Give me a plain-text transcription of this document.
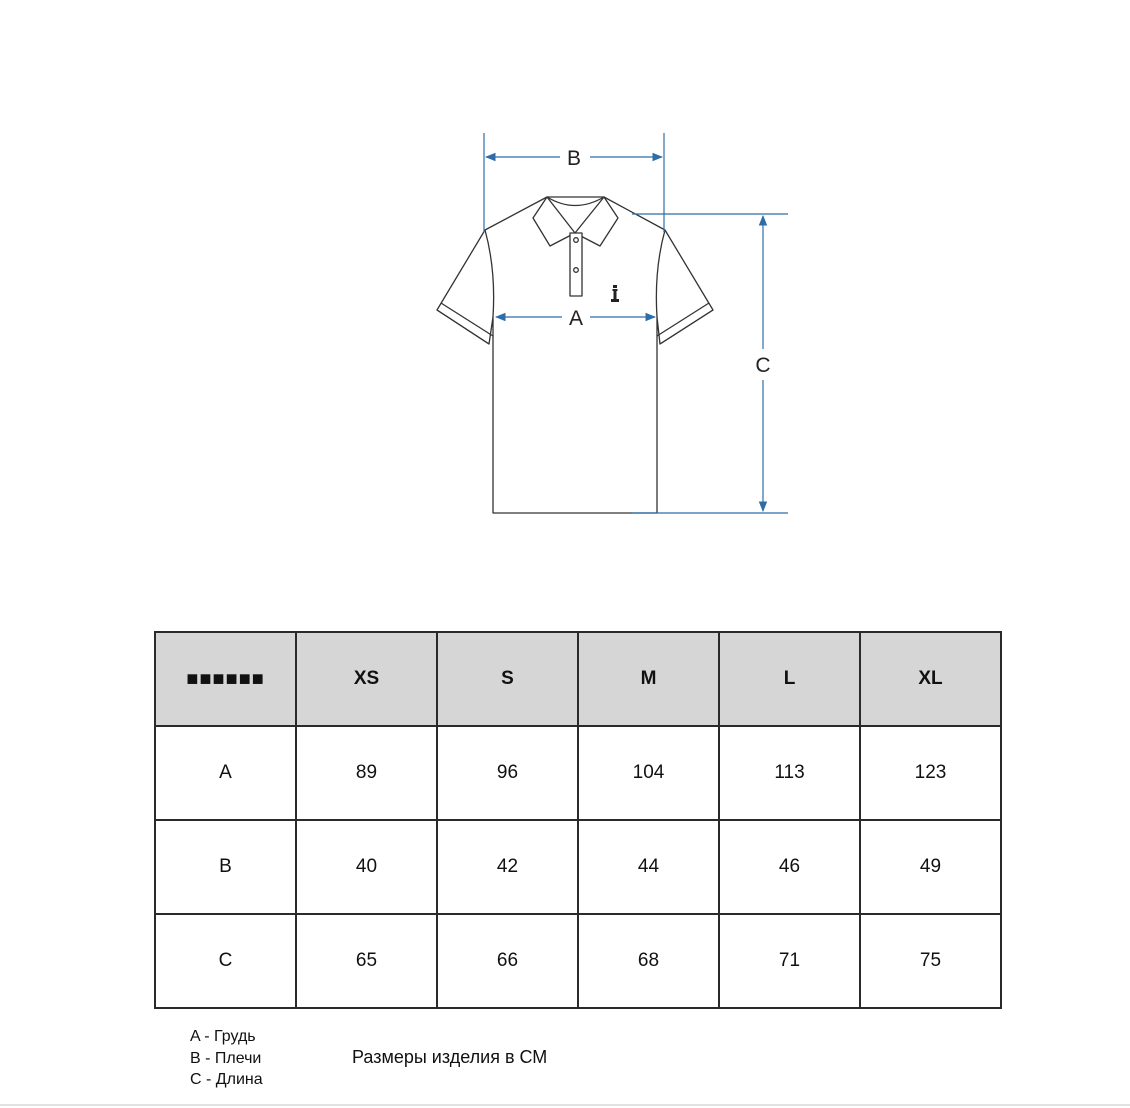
B
A
C
■■■■■■	XS	S	M	L	XL
A	89	96	104	113	123
B	40	42	44	46	49
C	65	66	68	71	75
A - Грудь
B - Плечи
C - Длина
Размеры изделия в СМ
